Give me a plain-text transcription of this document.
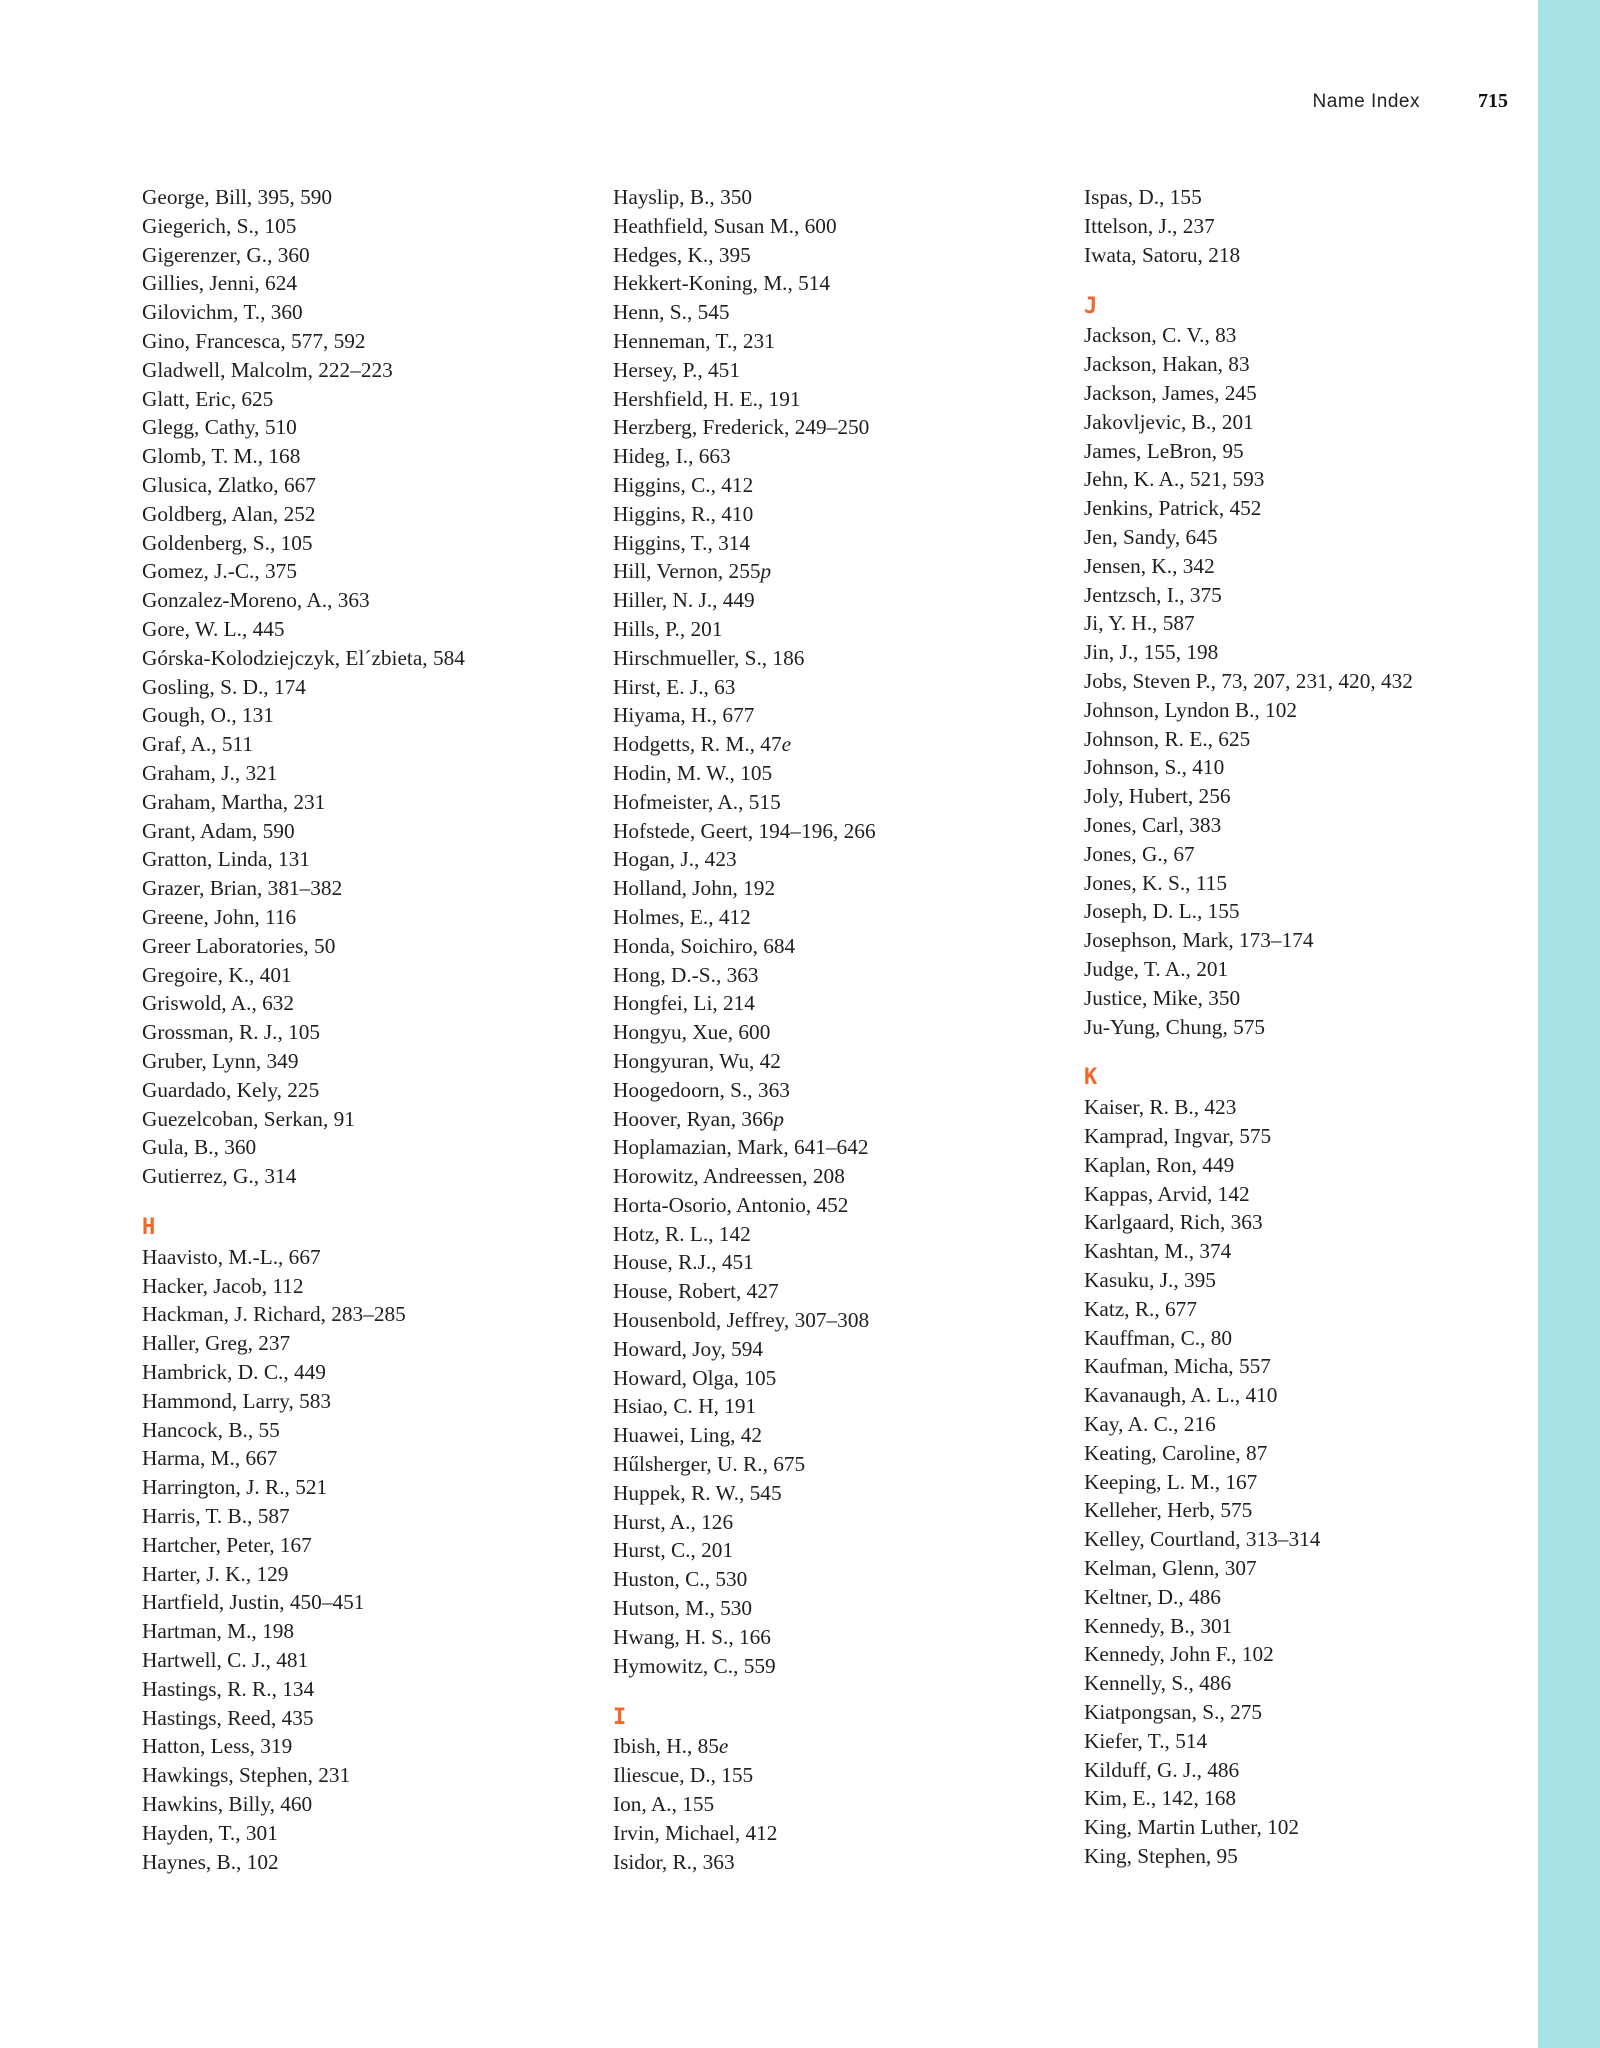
Name Index	715
George, Bill, 395, 590
Giegerich, S., 105
Gigerenzer, G., 360
Gillies, Jenni, 624
Gilovichm, T., 360
Gino, Francesca, 577, 592
Gladwell, Malcolm, 222–223
Glatt, Eric, 625
Glegg, Cathy, 510
Glomb, T. M., 168
Glusica, Zlatko, 667
Goldberg, Alan, 252
Goldenberg, S., 105
Gomez, J.-C., 375
Gonzalez-Moreno, A., 363
Gore, W. L., 445
Górska-Kolodziejczyk, El´zbieta, 584
Gosling, S. D., 174
Gough, O., 131
Graf, A., 511
Graham, J., 321
Graham, Martha, 231
Grant, Adam, 590
Gratton, Linda, 131
Grazer, Brian, 381–382
Greene, John, 116
Greer Laboratories, 50
Gregoire, K., 401
Griswold, A., 632
Grossman, R. J., 105
Gruber, Lynn, 349
Guardado, Kely, 225
Guezelcoban, Serkan, 91
Gula, B., 360
Gutierrez, G., 314
H
Haavisto, M.-L., 667
Hacker, Jacob, 112
Hackman, J. Richard, 283–285
Haller, Greg, 237
Hambrick, D. C., 449
Hammond, Larry, 583
Hancock, B., 55
Harma, M., 667
Harrington, J. R., 521
Harris, T. B., 587
Hartcher, Peter, 167
Harter, J. K., 129
Hartfield, Justin, 450–451
Hartman, M., 198
Hartwell, C. J., 481
Hastings, R. R., 134
Hastings, Reed, 435
Hatton, Less, 319
Hawkings, Stephen, 231
Hawkins, Billy, 460
Hayden, T., 301
Haynes, B., 102
Hayslip, B., 350
Heathfield, Susan M., 600
Hedges, K., 395
Hekkert-Koning, M., 514
Henn, S., 545
Henneman, T., 231
Hersey, P., 451
Hershfield, H. E., 191
Herzberg, Frederick, 249–250
Hideg, I., 663
Higgins, C., 412
Higgins, R., 410
Higgins, T., 314
Hill, Vernon, 255p
Hiller, N. J., 449
Hills, P., 201
Hirschmueller, S., 186
Hirst, E. J., 63
Hiyama, H., 677
Hodgetts, R. M., 47e
Hodin, M. W., 105
Hofmeister, A., 515
Hofstede, Geert, 194–196, 266
Hogan, J., 423
Holland, John, 192
Holmes, E., 412
Honda, Soichiro, 684
Hong, D.-S., 363
Hongfei, Li, 214
Hongyu, Xue, 600
Hongyuran, Wu, 42
Hoogedoorn, S., 363
Hoover, Ryan, 366p
Hoplamazian, Mark, 641–642
Horowitz, Andreessen, 208
Horta-Osorio, Antonio, 452
Hotz, R. L., 142
House, R.J., 451
House, Robert, 427
Housenbold, Jeffrey, 307–308
Howard, Joy, 594
Howard, Olga, 105
Hsiao, C. H, 191
Huawei, Ling, 42
Hűlsherger, U. R., 675
Huppek, R. W., 545
Hurst, A., 126
Hurst, C., 201
Huston, C., 530
Hutson, M., 530
Hwang, H. S., 166
Hymowitz, C., 559
I
Ibish, H., 85e
Iliescue, D., 155
Ion, A., 155
Irvin, Michael, 412
Isidor, R., 363
Ispas, D., 155
Ittelson, J., 237
Iwata, Satoru, 218
J
Jackson, C. V., 83
Jackson, Hakan, 83
Jackson, James, 245
Jakovljevic, B., 201
James, LeBron, 95
Jehn, K. A., 521, 593
Jenkins, Patrick, 452
Jen, Sandy, 645
Jensen, K., 342
Jentzsch, I., 375
Ji, Y. H., 587
Jin, J., 155, 198
Jobs, Steven P., 73, 207, 231, 420, 432
Johnson, Lyndon B., 102
Johnson, R. E., 625
Johnson, S., 410
Joly, Hubert, 256
Jones, Carl, 383
Jones, G., 67
Jones, K. S., 115
Joseph, D. L., 155
Josephson, Mark, 173–174
Judge, T. A., 201
Justice, Mike, 350
Ju-Yung, Chung, 575
K
Kaiser, R. B., 423
Kamprad, Ingvar, 575
Kaplan, Ron, 449
Kappas, Arvid, 142
Karlgaard, Rich, 363
Kashtan, M., 374
Kasuku, J., 395
Katz, R., 677
Kauffman, C., 80
Kaufman, Micha, 557
Kavanaugh, A. L., 410
Kay, A. C., 216
Keating, Caroline, 87
Keeping, L. M., 167
Kelleher, Herb, 575
Kelley, Courtland, 313–314
Kelman, Glenn, 307
Keltner, D., 486
Kennedy, B., 301
Kennedy, John F., 102
Kennelly, S., 486
Kiatpongsan, S., 275
Kiefer, T., 514
Kilduff, G. J., 486
Kim, E., 142, 168
King, Martin Luther, 102
King, Stephen, 95
